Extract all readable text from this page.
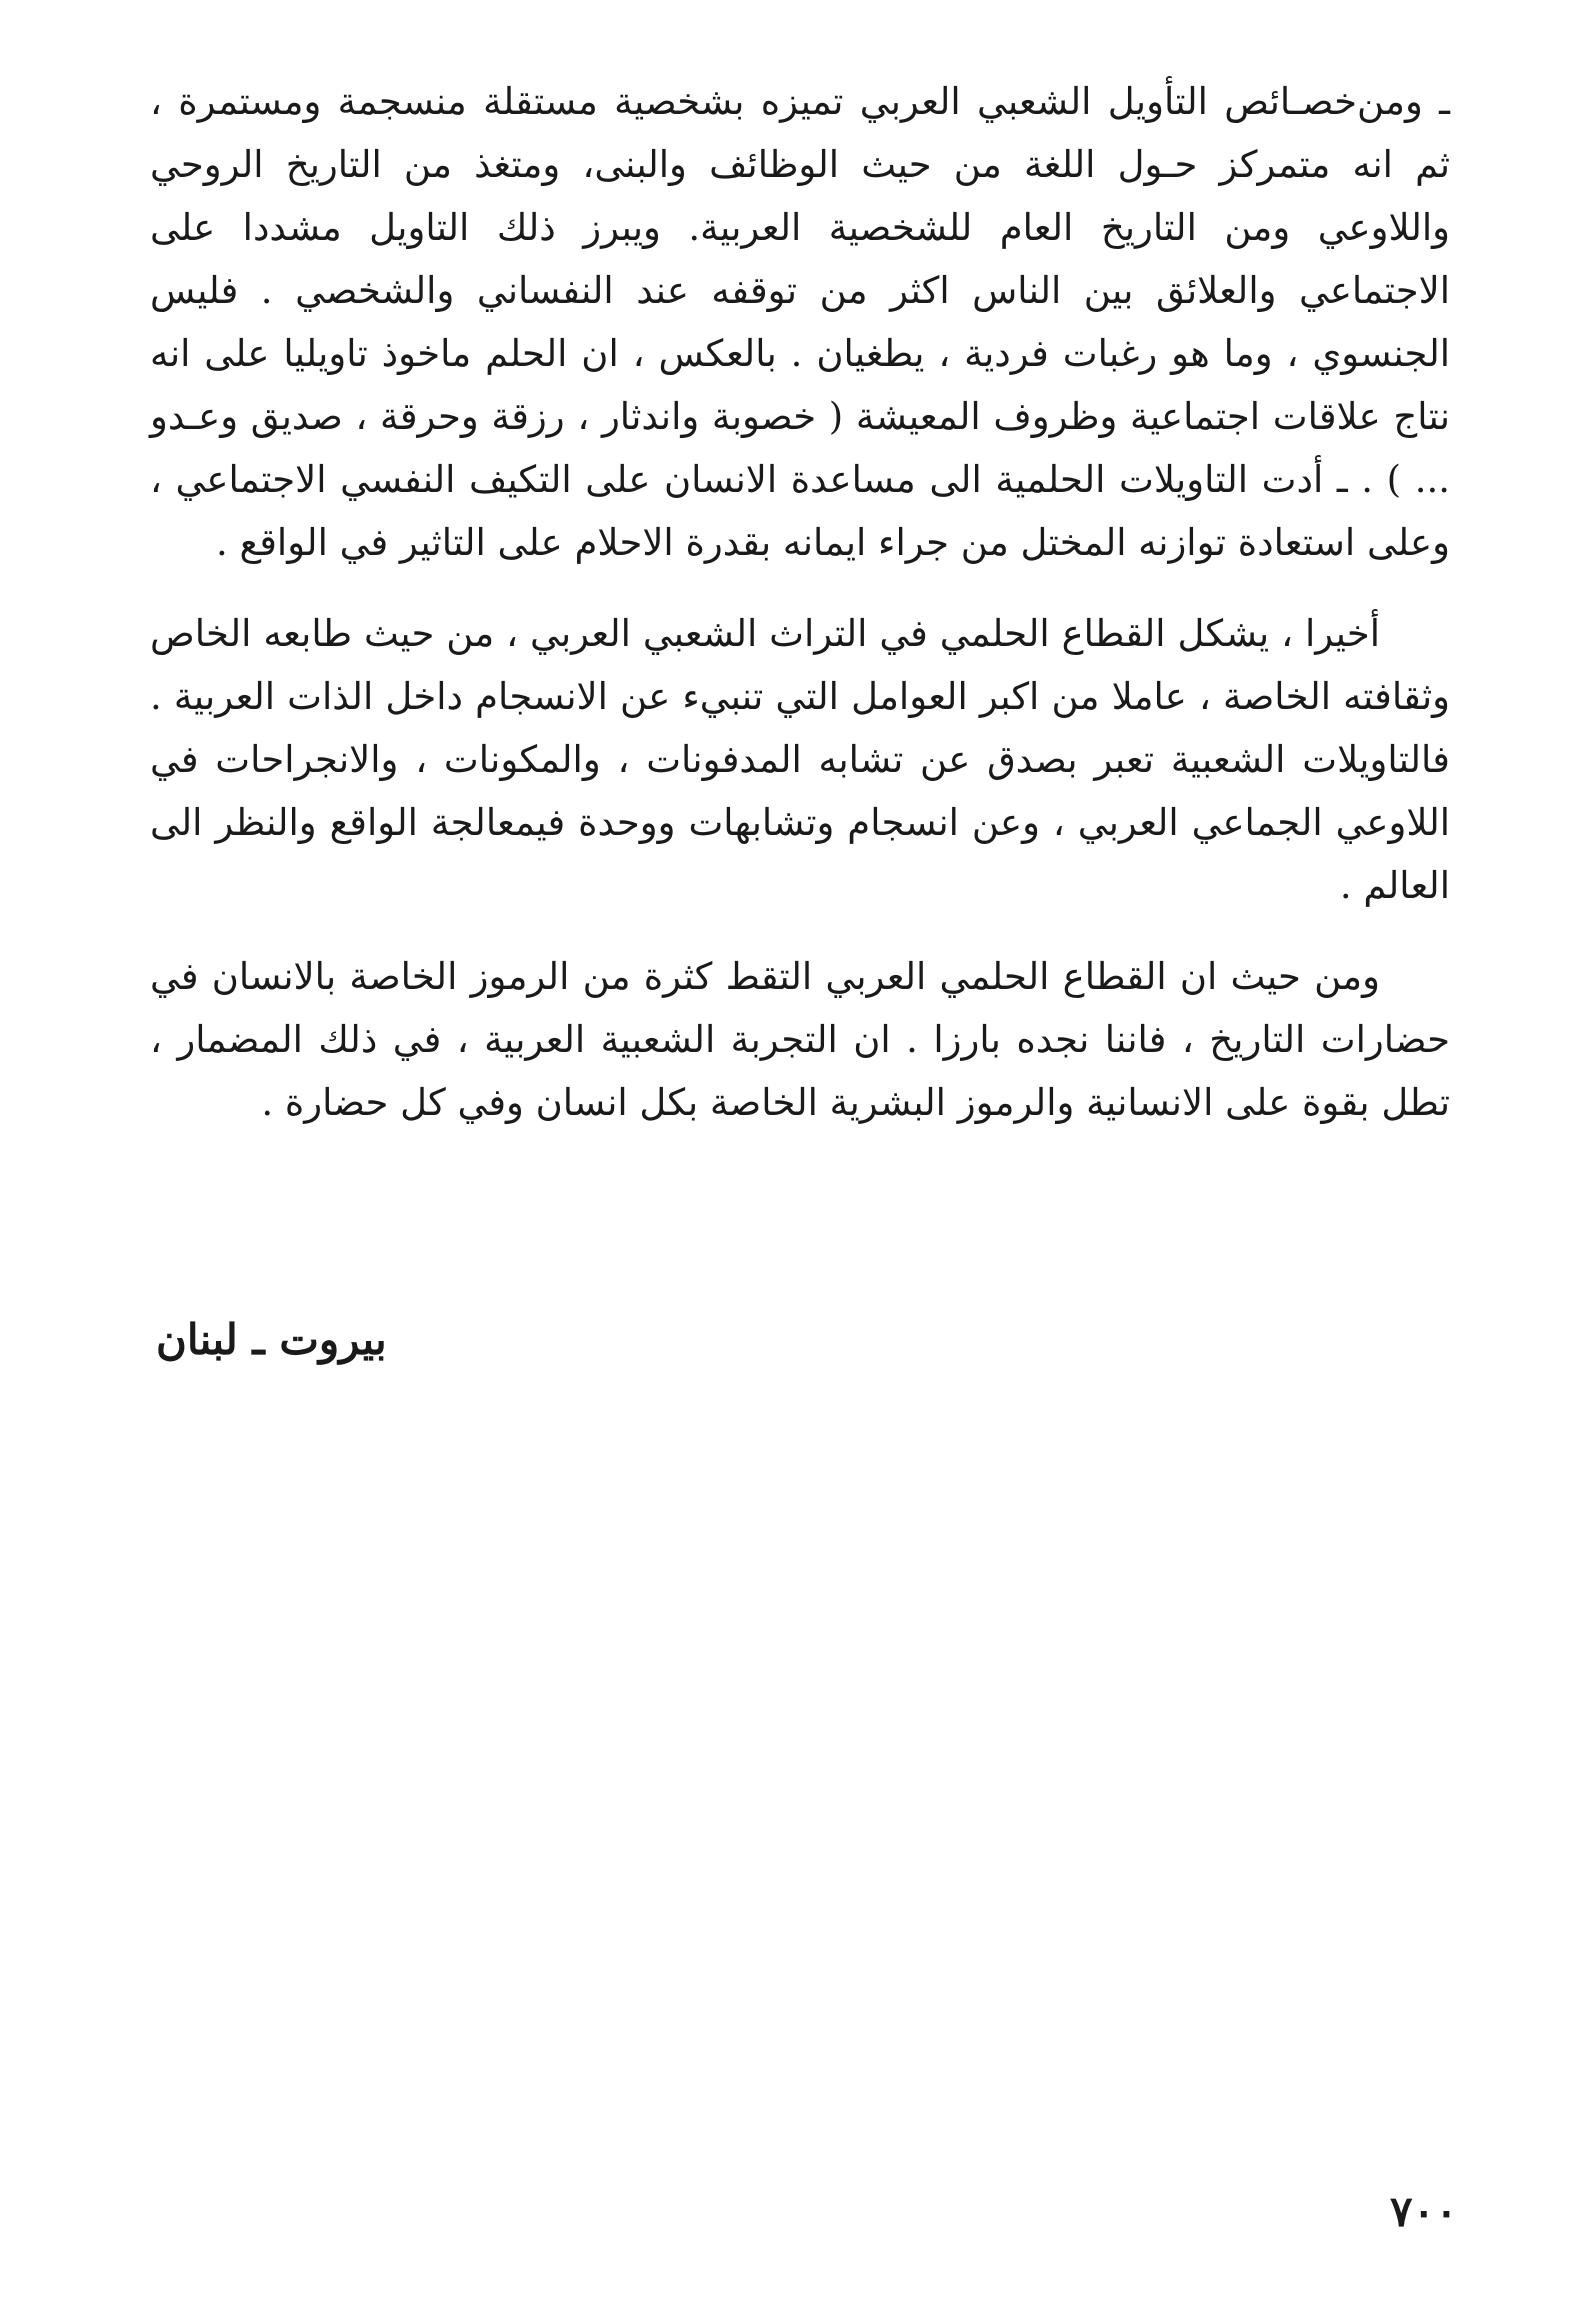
ـ ومن‌خصـائص التأويل الشعبي العربي تميزه بشخصية مستقلة منسجمة ومستمرة ، ثم انه متمركز حـول اللغة من حيث الوظائف والبنى، ومتغذ من التاريخ الروحي واللاوعي ومن التاريخ العام للشخصية العربية. ويبرز ذلك التاويل مشددا على الاجتماعي والعلائق بين الناس اكثر من توقفه عند النفساني والشخصي . فليس الجنسوي ، وما هو رغبات فردية ، يطغيان . بالعكس ، ان الحلم ماخوذ تاويليا على انه نتاج علاقات اجتماعية وظروف المعيشة ( خصوبة واندثار ، رزقة وحرقة ، صديق وعـدو ... ) . ـ أدت التاويلات الحلمية الى مساعدة الانسان على التكيف النفسي الاجتماعي ، وعلى استعادة توازنه المختل من جراء ايمانه بقدرة الاحلام على التاثير في الواقع .

أخيرا ، يشكل القطاع الحلمي في التراث الشعبي العربي ، من حيث طابعه الخاص وثقافته الخاصة ، عاملا من اكبر العوامل التي تنبيء عن الانسجام داخل الذات العربية . فالتاويلات الشعبية تعبر بصدق عن تشابه المدفونات ، والمكونات ، والانجراحات في اللاوعي الجماعي العربي ، وعن انسجام وتشابهات ووحدة فيمعالجة الواقع والنظر الى العالم .

ومن حيث ان القطاع الحلمي العربي التقط كثرة من الرموز الخاصة بالانسان في حضارات التاريخ ، فاننا نجده بارزا . ان التجربة الشعبية العربية ، في ذلك المضمار ، تطل بقوة على الانسانية والرموز البشرية الخاصة بكل انسان وفي كل حضارة .

بيروت ـ لبنان
٧٠٠
